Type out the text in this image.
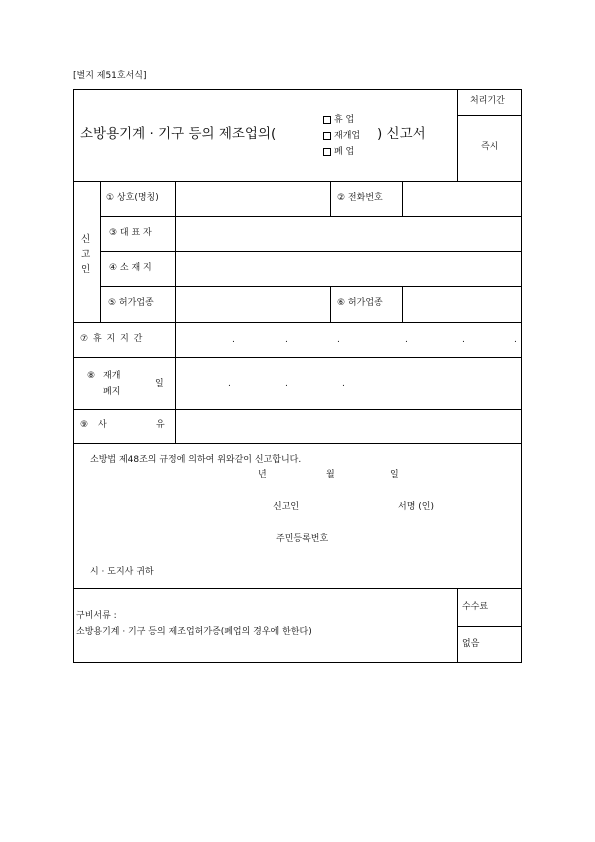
[별지 제51호서식]
소방용기계 · 기구 등의 제조업의(
휴 업
재개업
폐 업
) 신고서
처리기간
즉시
신
고
인
① 상호(명칭)	② 전화번호
③ 대 표 자
④ 소 재 지
⑤ 허가업종	⑥ 허가업종
⑦ 휴 지 지 간	.	.	.	.	.	.
⑧ 재개
폐지
일	.	.	.
⑨ 사	유
소방법 제48조의 규정에 의하여 위와같이 신고합니다.
년	월	일
신고인	서명 (인)
주민등록번호
시 · 도지사 귀하
구비서류 :
소방용기계 · 기구 등의 제조업허가증(폐업의 경우에 한한다)
수수료
없음
